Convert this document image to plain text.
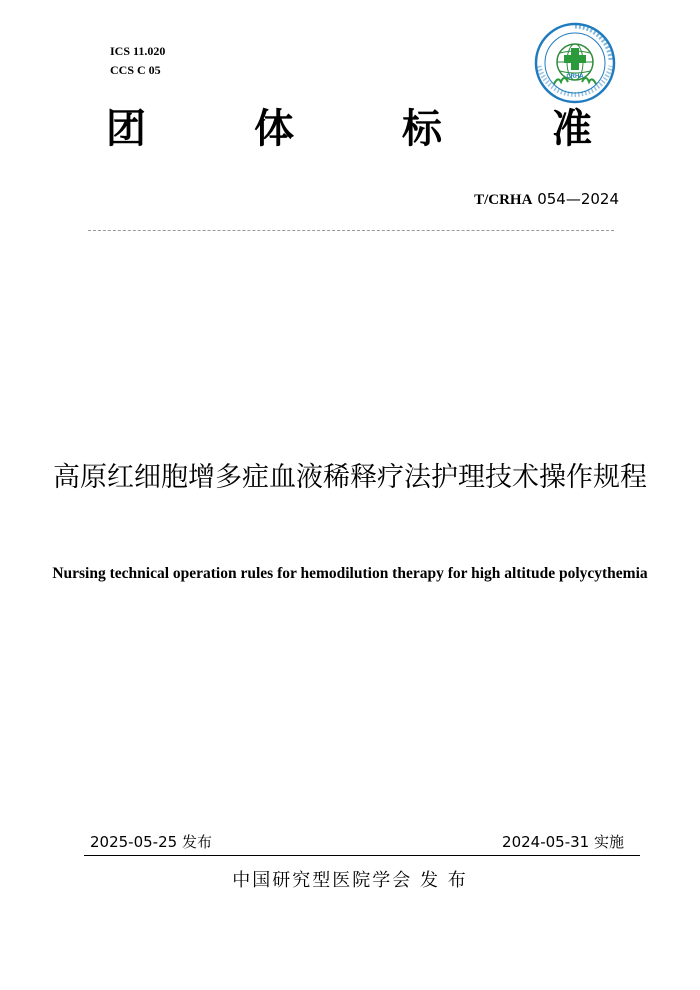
ICS 11.020
CCS C 05	CRHA
团	体	标	准
T/CRHA 054—2024
高原红细胞增多症血液稀释疗法护理技术操作规程
Nursing technical operation rules for hemodilution therapy for high altitude polycythemia
2025-05-25 发布	2024-05-31 实施
中国研究型医院学会 发 布
